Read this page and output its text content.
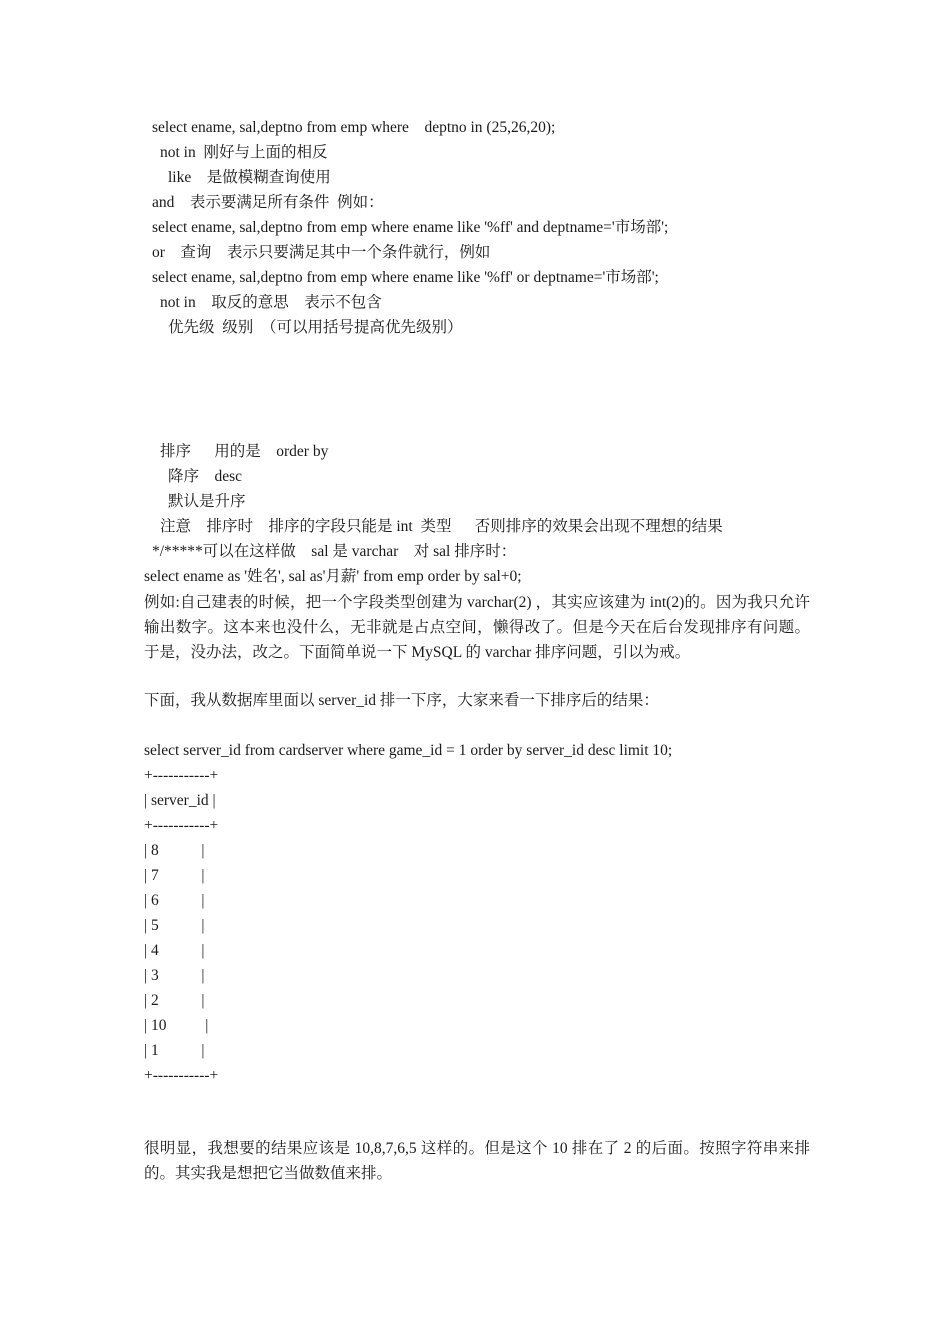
select ename, sal,deptno from emp where    deptno in (25,26,20);
not in  刚好与上面的相反
like    是做模糊查询使用
and    表示要满足所有条件  例如：
select ename, sal,deptno from emp where ename like '%ff' and deptname='市场部';
or    查询    表示只要满足其中一个条件就行，例如
select ename, sal,deptno from emp where ename like '%ff' or deptname='市场部';
not in    取反的意思    表示不包含
优先级  级别  （可以用括号提高优先级别）
排序      用的是    order by
降序    desc
默认是升序
注意    排序时    排序的字段只能是 int  类型      否则排序的效果会出现不理想的结果
*/*****可以在这样做    sal 是 varchar    对 sal 排序时：
select ename as '姓名', sal as'月薪' from emp order by sal+0;
例如:自己建表的时候，把一个字段类型创建为 varchar(2) ，其实应该建为 int(2)的。因为我只允许输出数字。这本来也没什么，无非就是占点空间，懒得改了。但是今天在后台发现排序有问题。于是，没办法，改之。下面简单说一下 MySQL 的 varchar 排序问题，引以为戒。
下面，我从数据库里面以 server_id 排一下序，大家来看一下排序后的结果：
select server_id from cardserver where game_id = 1 order by server_id desc limit 10;
+-----------+
| server_id |
+-----------+
| 8           |
| 7           |
| 6           |
| 5           |
| 4           |
| 3           |
| 2           |
| 10          |
| 1           |
+-----------+
很明显，我想要的结果应该是 10,8,7,6,5 这样的。但是这个 10 排在了 2 的后面。按照字符串来排的。其实我是想把它当做数值来排。
